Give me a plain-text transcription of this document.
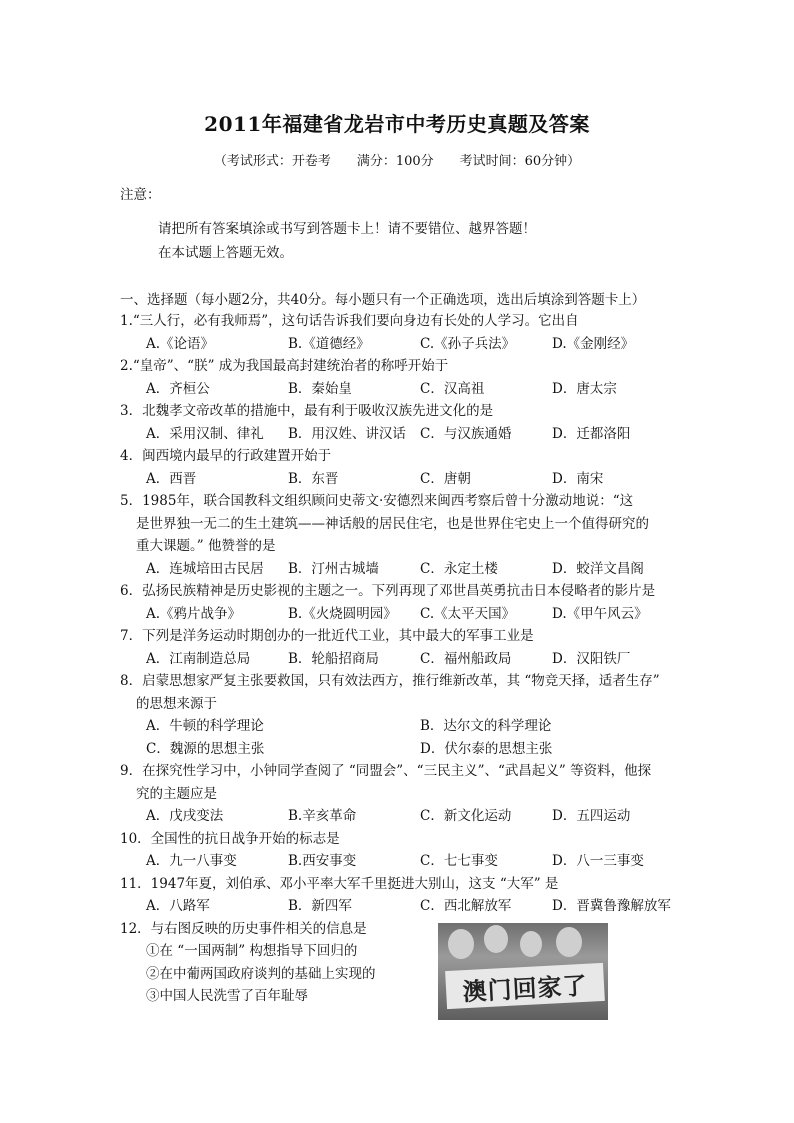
2011年福建省龙岩市中考历史真题及答案
（考试形式：开卷考　　满分：100分　　考试时间：60分钟）
注意：
请把所有答案填涂或书写到答题卡上！请不要错位、越界答题！
在本试题上答题无效。
一、选择题（每小题2分，共40分。每小题只有一个正确选项，选出后填涂到答题卡上）
1.“三人行，必有我师焉”，这句话告诉我们要向身边有长处的人学习。它出自
A.《论语》	B.《道德经》	C.《孙子兵法》	D.《金刚经》
2.“皇帝”、“朕” 成为我国最高封建统治者的称呼开始于
A．齐桓公	B．秦始皇	C．汉高祖	D．唐太宗
3．北魏孝文帝改革的措施中，最有利于吸收汉族先进文化的是
A．采用汉制、律礼 B．用汉姓、讲汉话 C．与汉族通婚	D．迁都洛阳
4．闽西境内最早的行政建置开始于
A．西晋	B．东晋	C．唐朝	D．南宋
5．1985年，联合国教科文组织顾问史蒂文·安德烈来闽西考察后曾十分激动地说：“这
是世界独一无二的生土建筑——神话般的居民住宅，也是世界住宅史上一个值得研究的
重大课题。” 他赞誉的是
A．连城培田古民居 B．汀州古城墙	C．永定土楼	D．蛟洋文昌阁
6．弘扬民族精神是历史影视的主题之一。下列再现了邓世昌英勇抗击日本侵略者的影片是
A.《鸦片战争》	B.《火烧圆明园》 C.《太平天国》	D.《甲午风云》
7．下列是洋务运动时期创办的一批近代工业，其中最大的军事工业是
A．江南制造总局	B．轮船招商局	C．福州船政局	D．汉阳铁厂
8．启蒙思想家严复主张要救国，只有效法西方，推行维新改革，其 “物竞天择，适者生存”
的思想来源于
A．牛顿的科学理论	B．达尔文的科学理论
C．魏源的思想主张	D．伏尔泰的思想主张
9．在探究性学习中，小钟同学查阅了 “同盟会”、“三民主义”、“武昌起义” 等资料，他探
究的主题应是
A．戊戌变法	B.辛亥革命	C．新文化运动	D．五四运动
10．全国性的抗日战争开始的标志是
A．九一八事变	B.西安事变	C．七七事变	D．八一三事变
11．1947年夏，刘伯承、邓小平率大军千里挺进大别山，这支 “大军” 是
A．八路军	B．新四军	C．西北解放军	D．晋冀鲁豫解放军
12．与右图反映的历史事件相关的信息是
①在 “一国两制” 构想指导下回归的
②在中葡两国政府谈判的基础上实现的
③中国人民洗雪了百年耻辱	澳门回家了
